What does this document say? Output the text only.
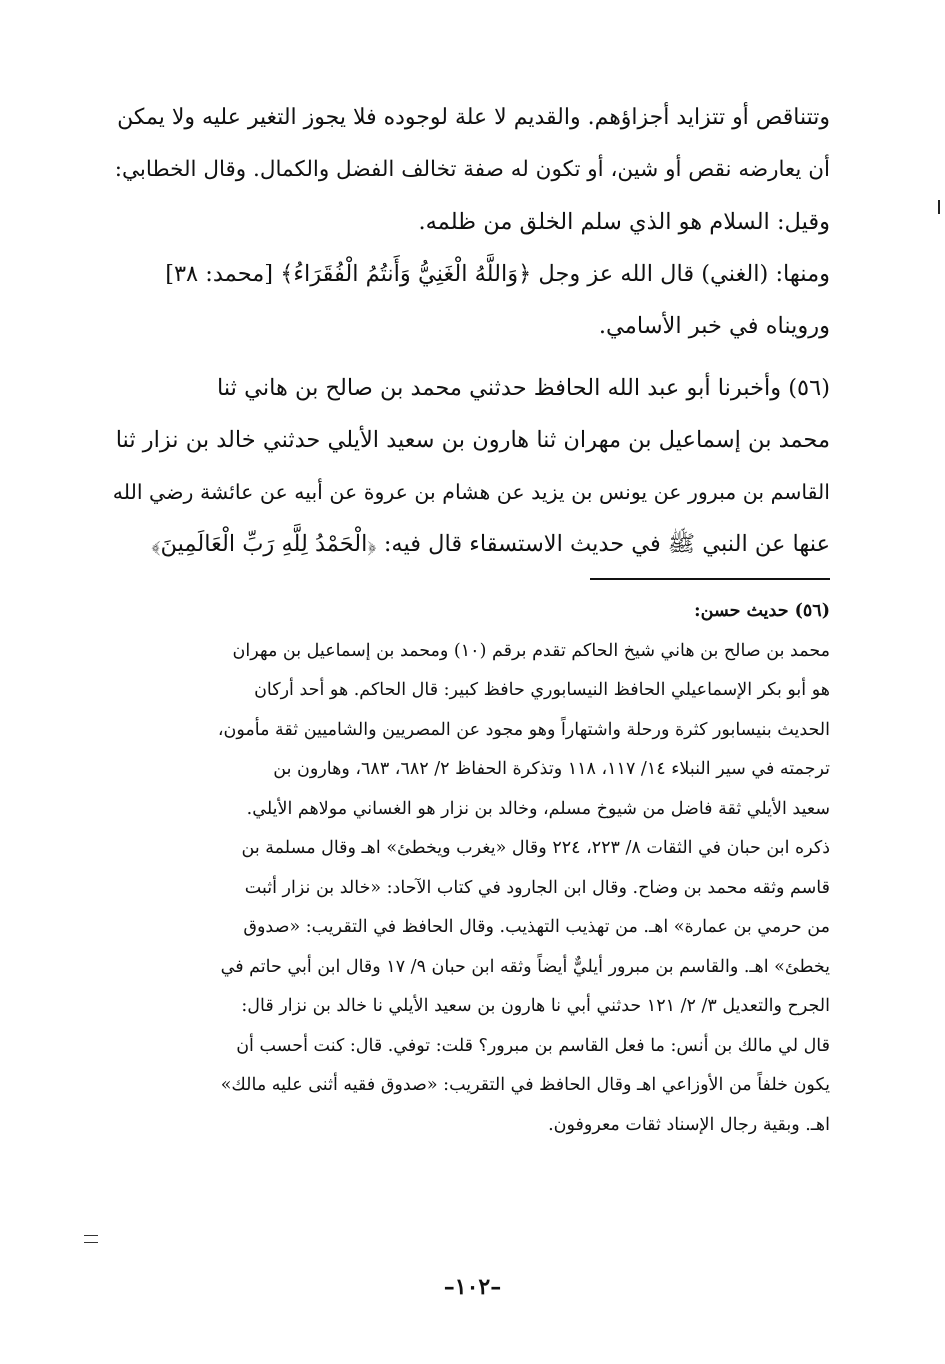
وتتناقص أو تتزايد أجزاؤهم. والقديم لا علة لوجوده فلا يجوز التغير عليه ولا يمكن

أن يعارضه نقص أو شين، أو تكون له صفة تخالف الفضل والكمال. وقال الخطابي:

وقيل: السلام هو الذي سلم الخلق من ظلمه.

ومنها: (الغني) قال الله عز وجل ﴿وَاللَّهُ الْغَنِيُّ وَأَنتُمُ الْفُقَرَاءُ﴾ [محمد: ٣٨]

ورويناه في خبر الأسامي.

(٥٦) وأخبرنا أبو عبد الله الحافظ حدثني محمد بن صالح بن هاني ثنا

محمد بن إسماعيل بن مهران ثنا هارون بن سعيد الأيلي حدثني خالد بن نزار ثنا

القاسم بن مبرور عن يونس بن يزيد عن هشام بن عروة عن أبيه عن عائشة رضي الله

عنها عن النبي ﷺ في حديث الاستسقاء قال فيه: ﴿الْحَمْدُ لِلَّهِ رَبِّ الْعَالَمِينَ﴾

(٥٦) حديث حسن:

محمد بن صالح بن هاني شيخ الحاكم تقدم برقم (١٠) ومحمد بن إسماعيل بن مهران

هو أبو بكر الإسماعيلي الحافظ النيسابوري حافظ كبير: قال الحاكم. هو أحد أركان

الحديث بنيسابور كثرة ورحلة واشتهاراً وهو مجود عن المصريين والشاميين ثقة مأمون،

ترجمته في سير النبلاء ١٤/ ١١٧، ١١٨ وتذكرة الحفاظ ٢/ ٦٨٢، ٦٨٣، وهارون بن

سعيد الأيلي ثقة فاضل من شيوخ مسلم، وخالد بن نزار هو الغساني مولاهم الأيلي.

ذكره ابن حبان في الثقات ٨/ ٢٢٣، ٢٢٤ وقال «يغرب ويخطئ» اهـ وقال مسلمة بن

قاسم وثقه محمد بن وضاح. وقال ابن الجارود في كتاب الآحاد: «خالد بن نزار أثبت

من حرمي بن عمارة» اهـ. من تهذيب التهذيب. وقال الحافظ في التقريب: «صدوق

يخطئ» اهـ. والقاسم بن مبرور أيليٌّ أيضاً وثقه ابن حبان ٩/ ١٧ وقال ابن أبي حاتم في

الجرح والتعديل ٣/ ٢/ ١٢١ حدثني أبي نا هارون بن سعيد الأيلي نا خالد بن نزار قال:

قال لي مالك بن أنس: ما فعل القاسم بن مبرور؟ قلت: توفي. قال: كنت أحسب أن

يكون خلفاً من الأوزاعي اهـ وقال الحافظ في التقريب: «صدوق فقيه أثنى عليه مالك»

اهـ. وبقية رجال الإسناد ثقات معروفون.

–١٠٢–
